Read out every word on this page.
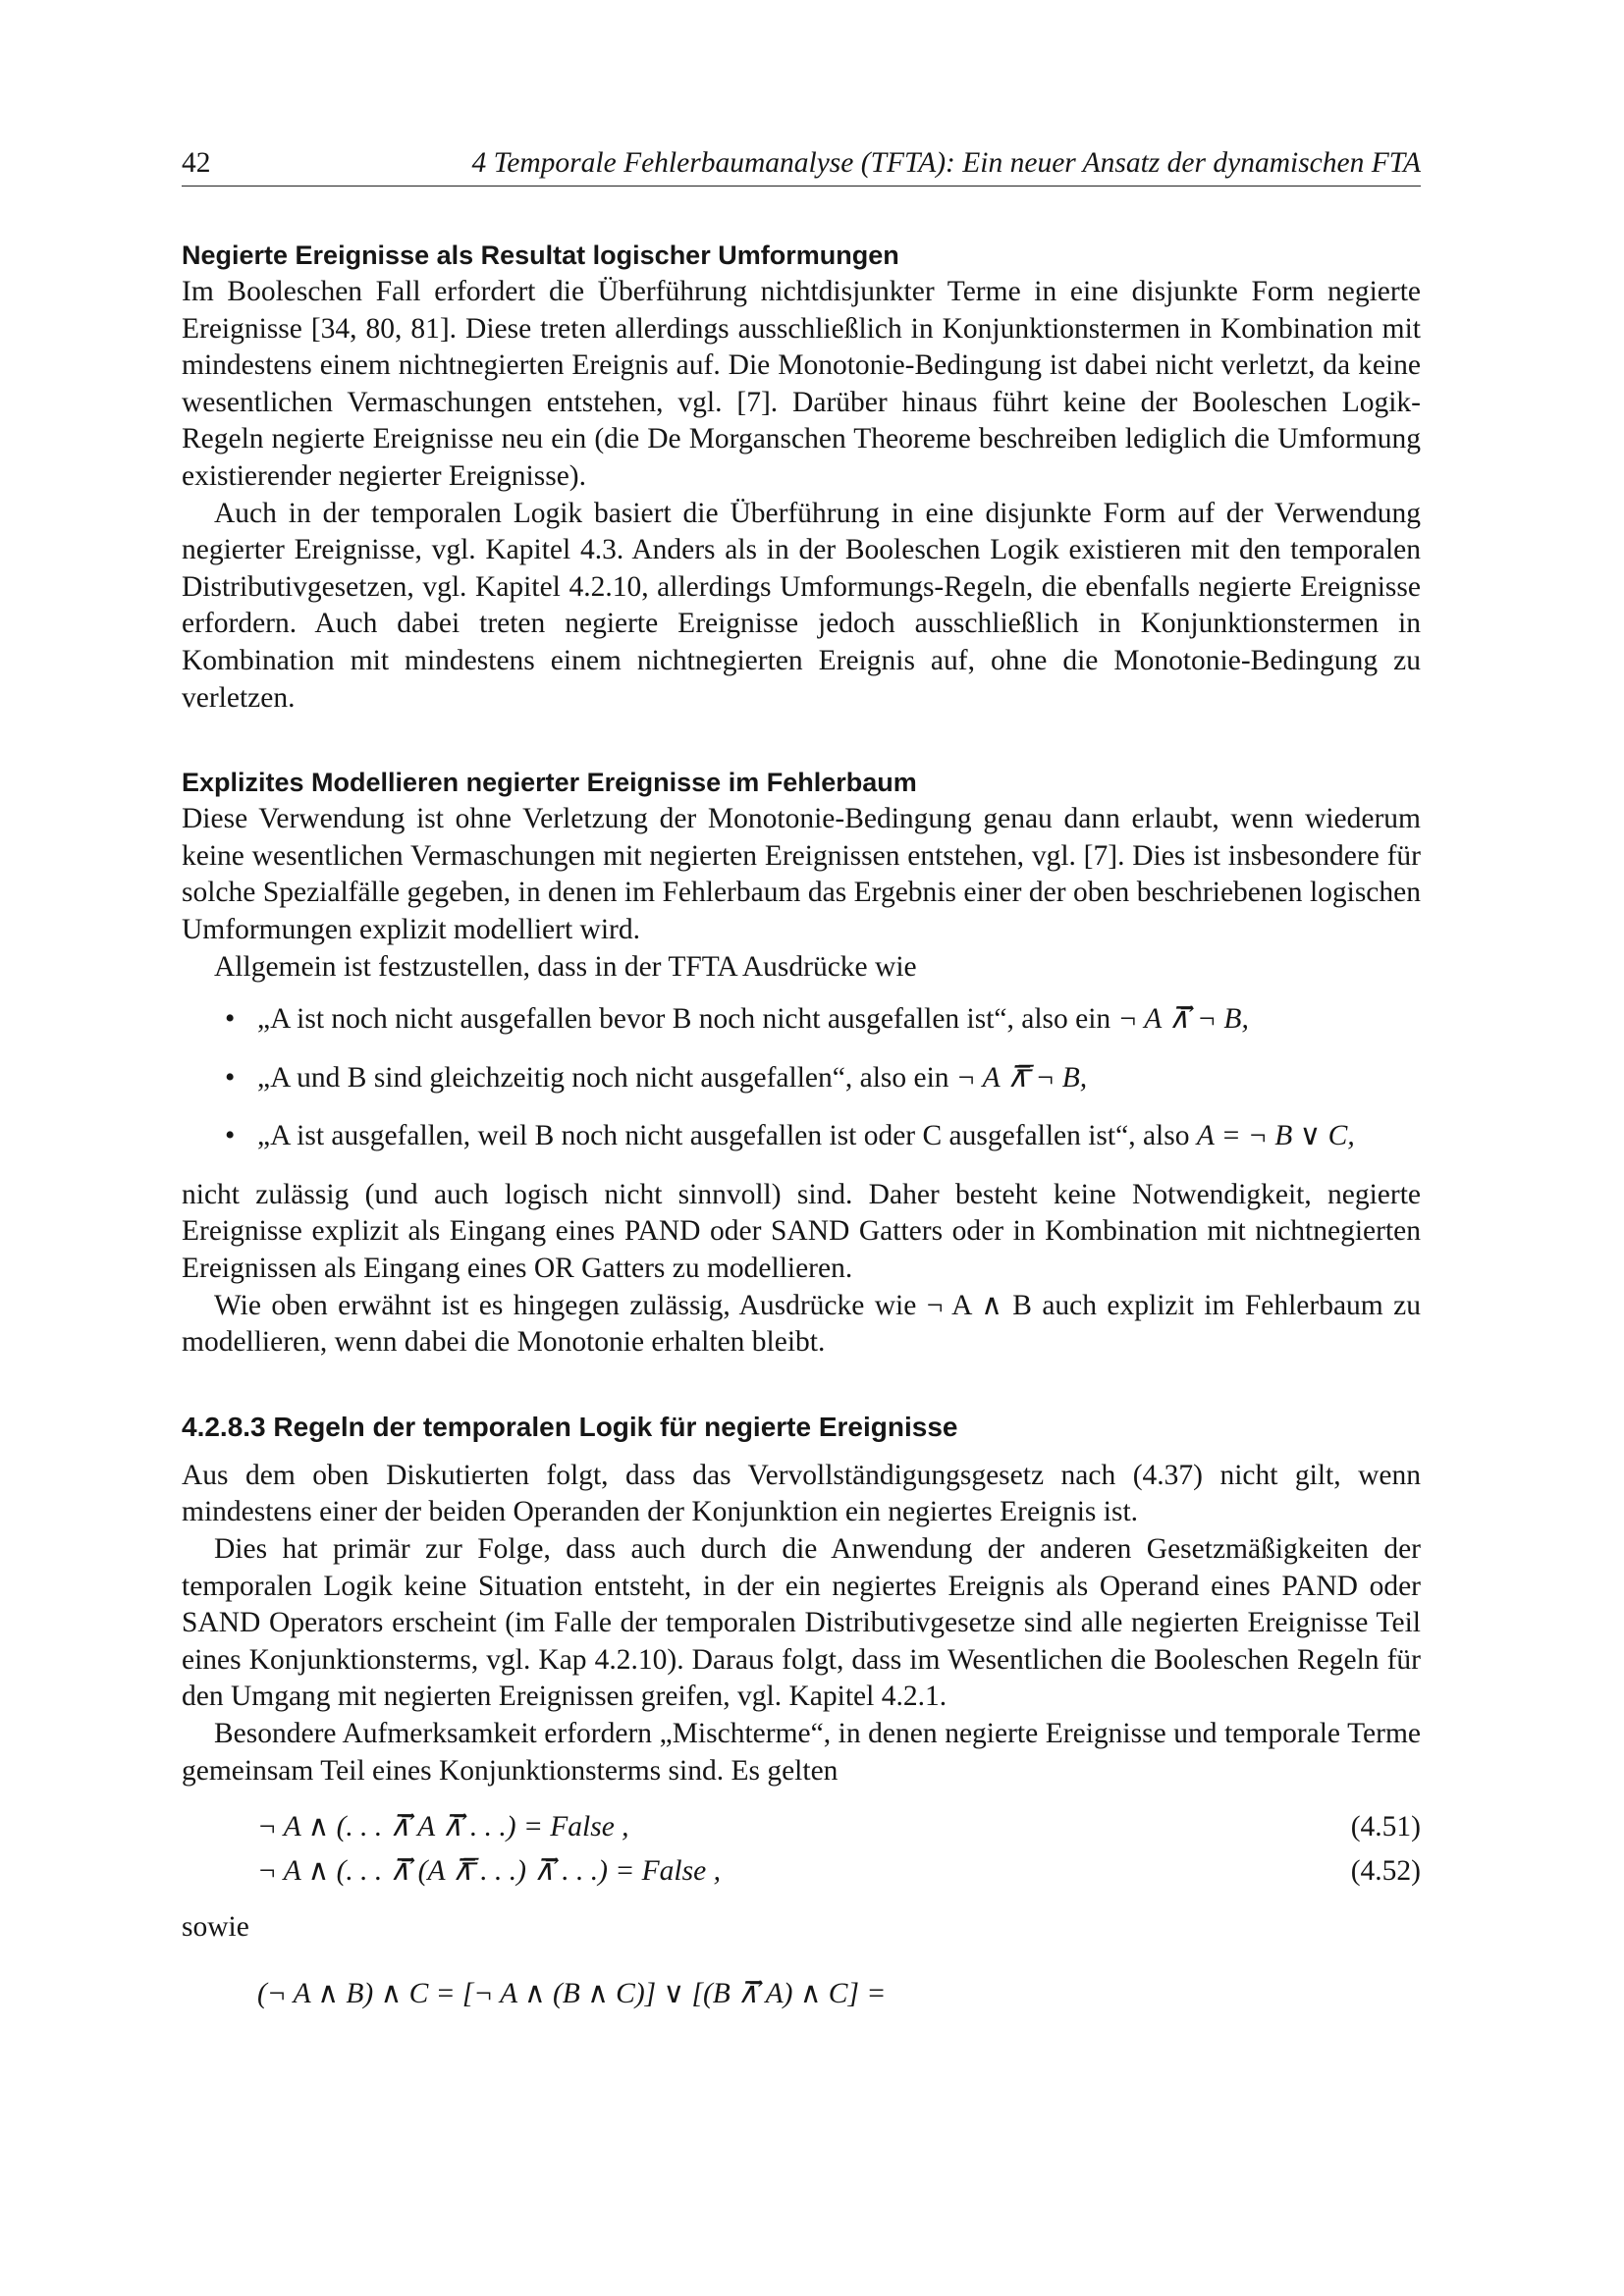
42	4 Temporale Fehlerbaumanalyse (TFTA): Ein neuer Ansatz der dynamischen FTA
Negierte Ereignisse als Resultat logischer Umformungen

Im Booleschen Fall erfordert die Überführung nichtdisjunkter Terme in eine disjunkte Form negierte Ereignisse [34, 80, 81]. Diese treten allerdings ausschließlich in Konjunktionstermen in Kombination mit mindestens einem nichtnegierten Ereignis auf. Die Monotonie-Bedingung ist dabei nicht verletzt, da keine wesentlichen Vermaschungen entstehen, vgl. [7]. Darüber hinaus führt keine der Booleschen Logik-Regeln negierte Ereignisse neu ein (die De Morganschen Theoreme beschreiben lediglich die Umformung existierender negierter Ereignisse).

Auch in der temporalen Logik basiert die Überführung in eine disjunkte Form auf der Verwendung negierter Ereignisse, vgl. Kapitel 4.3. Anders als in der Booleschen Logik existieren mit den temporalen Distributivgesetzen, vgl. Kapitel 4.2.10, allerdings Umformungs-Regeln, die ebenfalls negierte Ereignisse erfordern. Auch dabei treten negierte Ereignisse jedoch ausschließlich in Konjunktionstermen in Kombination mit mindestens einem nichtnegierten Ereignis auf, ohne die Monotonie-Bedingung zu verletzen.

Explizites Modellieren negierter Ereignisse im Fehlerbaum

Diese Verwendung ist ohne Verletzung der Monotonie-Bedingung genau dann erlaubt, wenn wiederum keine wesentlichen Vermaschungen mit negierten Ereignissen entstehen, vgl. [7]. Dies ist insbesondere für solche Spezialfälle gegeben, in denen im Fehlerbaum das Ergebnis einer der oben beschriebenen logischen Umformungen explizit modelliert wird.

Allgemein ist festzustellen, dass in der TFTA Ausdrücke wie

• „A ist noch nicht ausgefallen bevor B noch nicht ausgefallen ist“, also ein ¬ A ⊼⃗ ¬ B,
• „A und B sind gleichzeitig noch nicht ausgefallen“, also ein ¬ A ⊼̿ ¬ B,
• „A ist ausgefallen, weil B noch nicht ausgefallen ist oder C ausgefallen ist“, also A = ¬ B ∨ C,

nicht zulässig (und auch logisch nicht sinnvoll) sind. Daher besteht keine Notwendigkeit, negierte Ereignisse explizit als Eingang eines PAND oder SAND Gatters oder in Kombination mit nichtnegierten Ereignissen als Eingang eines OR Gatters zu modellieren.

Wie oben erwähnt ist es hingegen zulässig, Ausdrücke wie ¬ A ∧ B auch explizit im Fehlerbaum zu modellieren, wenn dabei die Monotonie erhalten bleibt.

4.2.8.3 Regeln der temporalen Logik für negierte Ereignisse

Aus dem oben Diskutierten folgt, dass das Vervollständigungsgesetz nach (4.37) nicht gilt, wenn mindestens einer der beiden Operanden der Konjunktion ein negiertes Ereignis ist.

Dies hat primär zur Folge, dass auch durch die Anwendung der anderen Gesetzmäßigkeiten der temporalen Logik keine Situation entsteht, in der ein negiertes Ereignis als Operand eines PAND oder SAND Operators erscheint (im Falle der temporalen Distributivgesetze sind alle negierten Ereignisse Teil eines Konjunktionsterms, vgl. Kap 4.2.10). Daraus folgt, dass im Wesentlichen die Booleschen Regeln für den Umgang mit negierten Ereignissen greifen, vgl. Kapitel 4.2.1.

Besondere Aufmerksamkeit erfordern „Mischterme“, in denen negierte Ereignisse und temporale Terme gemeinsam Teil eines Konjunktionsterms sind. Es gelten

¬ A ∧ (. . . ⊼⃗ A ⊼⃗ . . .) = False ,	(4.51)
¬ A ∧ (. . . ⊼⃗ (A ⊼̿ . . .) ⊼⃗ . . .) = False ,	(4.52)

sowie

(¬ A ∧ B) ∧ C = [¬ A ∧ (B ∧ C)] ∨ [(B ⊼⃗ A) ∧ C] =
